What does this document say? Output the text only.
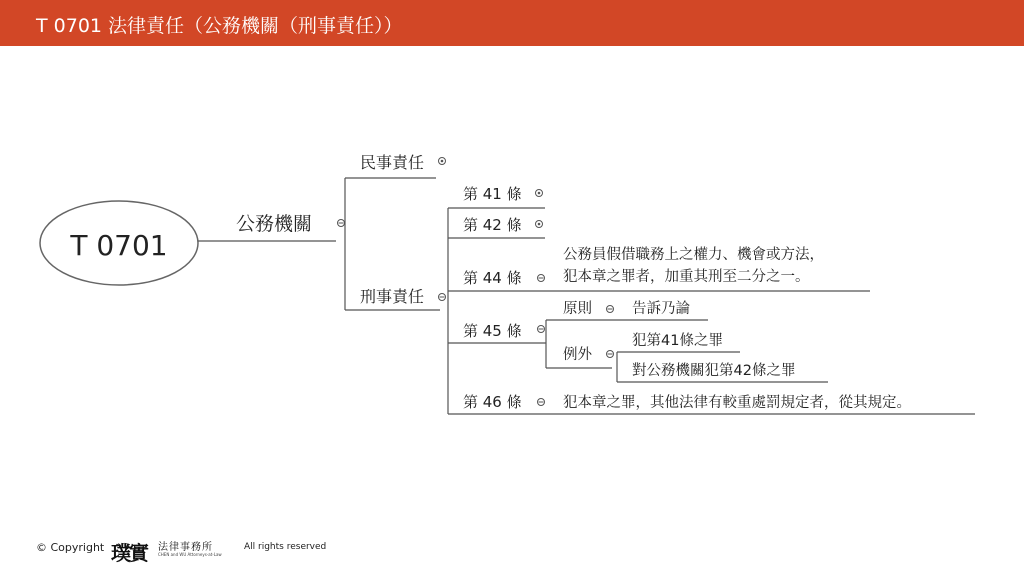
T 0701 法律責任（公務機關（刑事責任））
T 0701
公務機關
民事責任
刑事責任
第 41 條
第 42 條
第 44 條
公務員假借職務上之權力、機會或方法，
犯本章之罪者，加重其刑至二分之一。
第 45 條
原則	告訴乃論
例外
犯第41條之罪
對公務機關犯第42條之罪
第 46 條	犯本章之罪，其他法律有較重處罰規定者，從其規定。
© Copyright 璞實 法律事務所
CHEN and WU Attorneys-at-Law
All rights reserved
